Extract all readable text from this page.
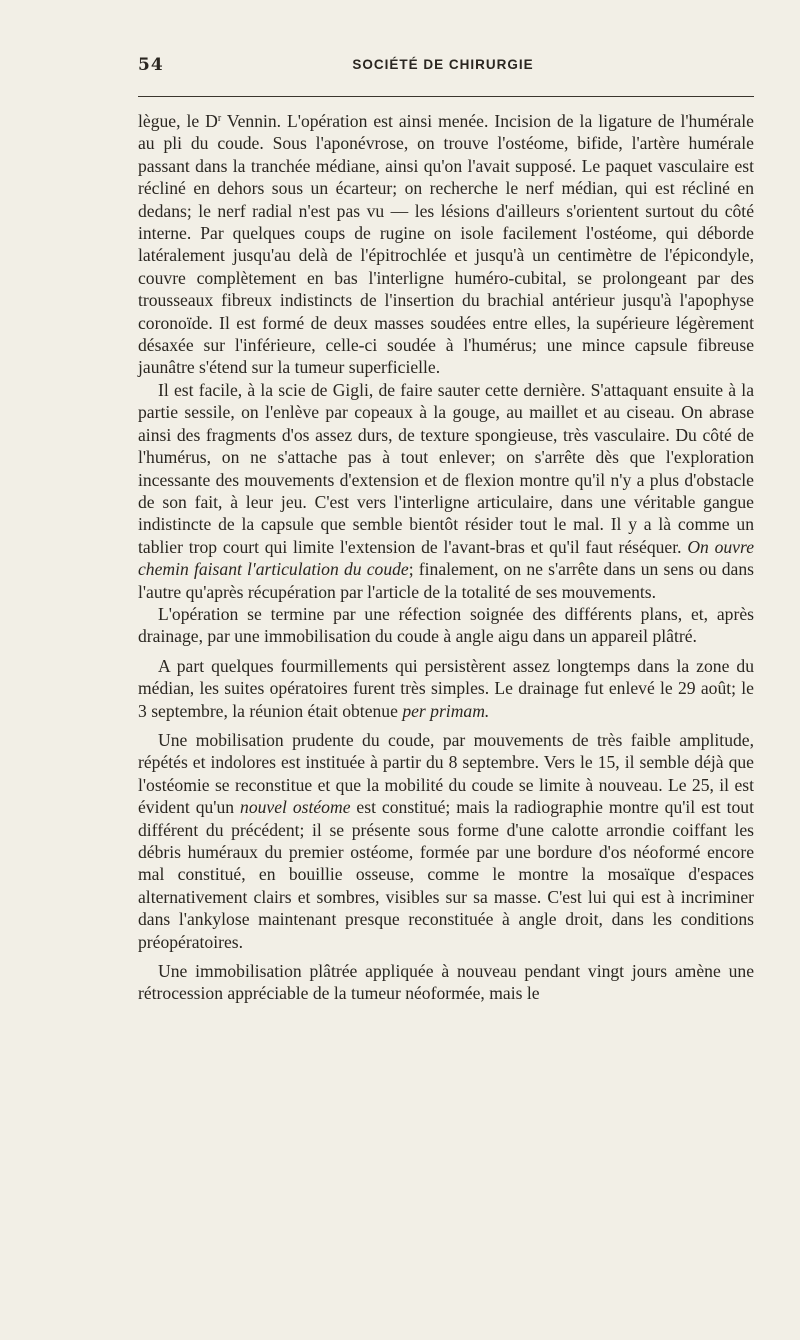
54	SOCIÉTÉ DE CHIRURGIE

lègue, le $D^r$ Vennin. L'opération est ainsi menée. Incision de la ligature de l'humérale au pli du coude. Sous l'aponévrose, on trouve l'ostéome, bifide, l'artère humérale passant dans la tranchée médiane, ainsi qu'on l'avait supposé. Le paquet vasculaire est récliné en dehors sous un écarteur; on recherche le nerf médian, qui est récliné en dedans; le nerf radial n'est pas vu — les lésions d'ailleurs s'orientent surtout du côté interne. Par quelques coups de rugine on isole facilement l'ostéome, qui déborde latéralement jusqu'au delà de l'épitrochlée et jusqu'à un centimètre de l'épicondyle, couvre complètement en bas l'interligne huméro-cubital, se prolongeant par des trousseaux fibreux indistincts de l'insertion du brachial antérieur jusqu'à l'apophyse coronoïde. Il est formé de deux masses soudées entre elles, la supérieure légèrement désaxée sur l'inférieure, celle-ci soudée à l'humérus; une mince capsule fibreuse jaunâtre s'étend sur la tumeur superficielle.

Il est facile, à la scie de Gigli, de faire sauter cette dernière. S'attaquant ensuite à la partie sessile, on l'enlève par copeaux à la gouge, au maillet et au ciseau. On abrase ainsi des fragments d'os assez durs, de texture spongieuse, très vasculaire. Du côté de l'humérus, on ne s'attache pas à tout enlever; on s'arrête dès que l'exploration incessante des mouvements d'extension et de flexion montre qu'il n'y a plus d'obstacle de son fait, à leur jeu. C'est vers l'interligne articulaire, dans une véritable gangue indistincte de la capsule que semble bientôt résider tout le mal. Il y a là comme un tablier trop court qui limite l'extension de l'avant-bras et qu'il faut réséquer. On ouvre chemin faisant l'articulation du coude; finalement, on ne s'arrête dans un sens ou dans l'autre qu'après récupération par l'article de la totalité de ses mouvements.

L'opération se termine par une réfection soignée des différents plans, et, après drainage, par une immobilisation du coude à angle aigu dans un appareil plâtré.

A part quelques fourmillements qui persistèrent assez longtemps dans la zone du médian, les suites opératoires furent très simples. Le drainage fut enlevé le 29 août; le 3 septembre, la réunion était obtenue per primam.

Une mobilisation prudente du coude, par mouvements de très faible amplitude, répétés et indolores est instituée à partir du 8 septembre. Vers le 15, il semble déjà que l'ostéomie se reconstitue et que la mobilité du coude se limite à nouveau. Le 25, il est évident qu'un nouvel ostéome est constitué; mais la radiographie montre qu'il est tout différent du précédent; il se présente sous forme d'une calotte arrondie coiffant les débris huméraux du premier ostéome, formée par une bordure d'os néoformé encore mal constitué, en bouillie osseuse, comme le montre la mosaïque d'espaces alternativement clairs et sombres, visibles sur sa masse. C'est lui qui est à incriminer dans l'ankylose maintenant presque reconstituée à angle droit, dans les conditions préopératoires.

Une immobilisation plâtrée appliquée à nouveau pendant vingt jours amène une rétrocession appréciable de la tumeur néoformée, mais le
